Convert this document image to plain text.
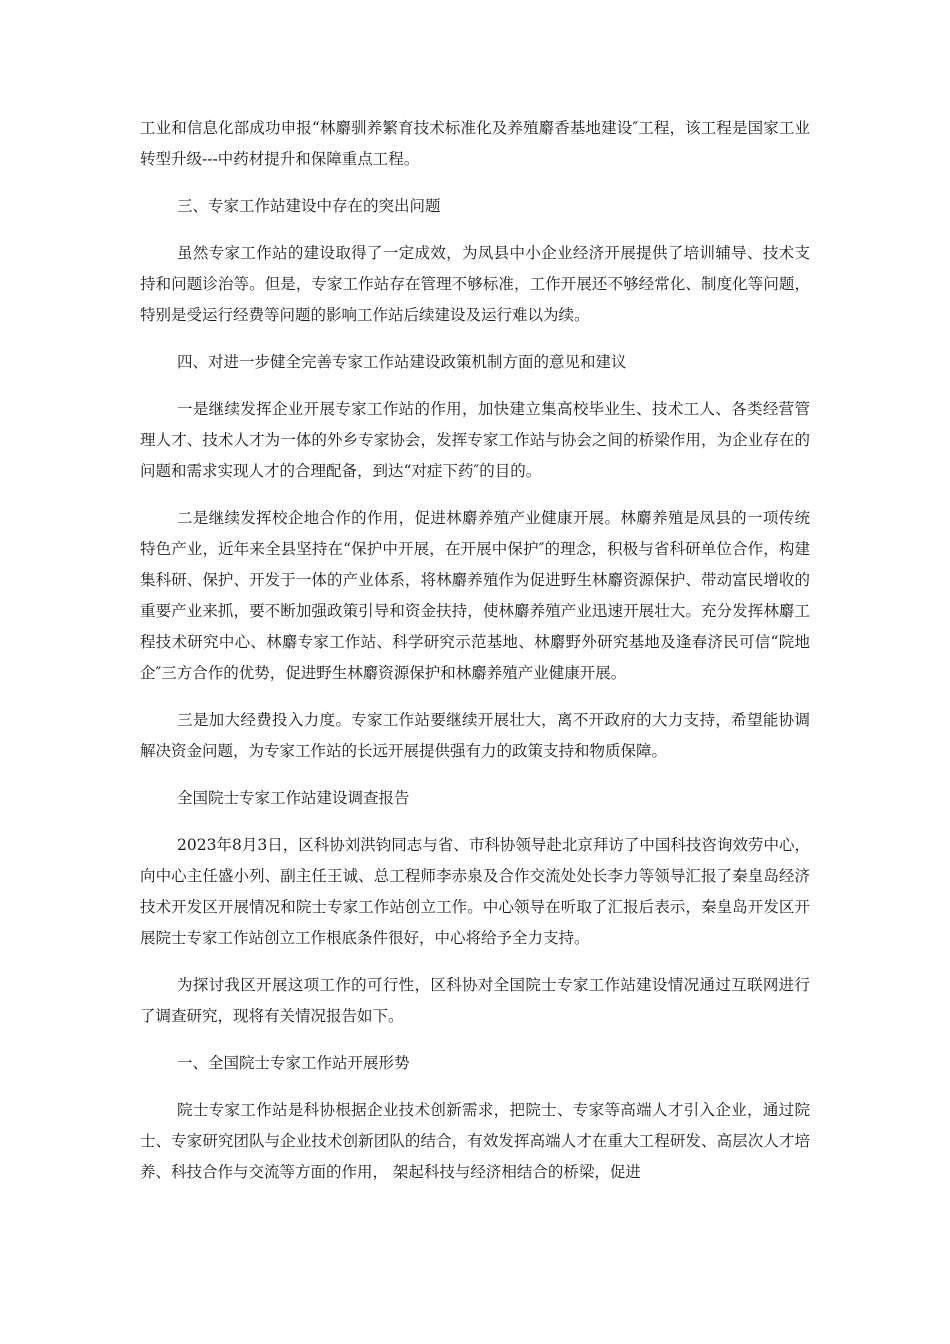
工业和信息化部成功申报“林麝驯养繁育技术标准化及养殖麝香基地建设″工程，该工程是国家工业转型升级---中药材提升和保障重点工程。

三、专家工作站建设中存在的突出问题

虽然专家工作站的建设取得了一定成效，为凤县中小企业经济开展提供了培训辅导、技术支持和问题诊治等。但是，专家工作站存在管理不够标准，工作开展还不够经常化、制度化等问题，特别是受运行经费等问题的影响工作站后续建设及运行难以为续。

四、对进一步健全完善专家工作站建设政策机制方面的意见和建议

一是继续发挥企业开展专家工作站的作用，加快建立集高校毕业生、技术工人、各类经营管理人才、技术人才为一体的外乡专家协会，发挥专家工作站与协会之间的桥梁作用，为企业存在的问题和需求实现人才的合理配备，到达“对症下药″的目的。

二是继续发挥校企地合作的作用，促进林麝养殖产业健康开展。林麝养殖是凤县的一项传统特色产业，近年来全县坚持在“保护中开展，在开展中保护″的理念，积极与省科研单位合作，构建集科研、保护、开发于一体的产业体系，将林麝养殖作为促进野生林麝资源保护、带动富民增收的重要产业来抓，要不断加强政策引导和资金扶持，使林麝养殖产业迅速开展壮大。充分发挥林麝工程技术研究中心、林麝专家工作站、科学研究示范基地、林麝野外研究基地及逢春济民可信“院地企″三方合作的优势，促进野生林麝资源保护和林麝养殖产业健康开展。

三是加大经费投入力度。专家工作站要继续开展壮大，离不开政府的大力支持，希望能协调解决资金问题，为专家工作站的长远开展提供强有力的政策支持和物质保障。

全国院士专家工作站建设调查报告

2023年8月3日，区科协刘洪钧同志与省、市科协领导赴北京拜访了中国科技咨询效劳中心，向中心主任盛小列、副主任王诚、总工程师李赤泉及合作交流处处长李力等领导汇报了秦皇岛经济技术开发区开展情况和院士专家工作站创立工作。中心领导在听取了汇报后表示，秦皇岛开发区开展院士专家工作站创立工作根底条件很好，中心将给予全力支持。

为探讨我区开展这项工作的可行性，区科协对全国院士专家工作站建设情况通过互联网进行了调查研究，现将有关情况报告如下。

一、全国院士专家工作站开展形势

院士专家工作站是科协根据企业技术创新需求，把院士、专家等高端人才引入企业，通过院士、专家研究团队与企业技术创新团队的结合，有效发挥高端人才在重大工程研发、高层次人才培养、科技合作与交流等方面的作用， 架起科技与经济相结合的桥梁，促进
